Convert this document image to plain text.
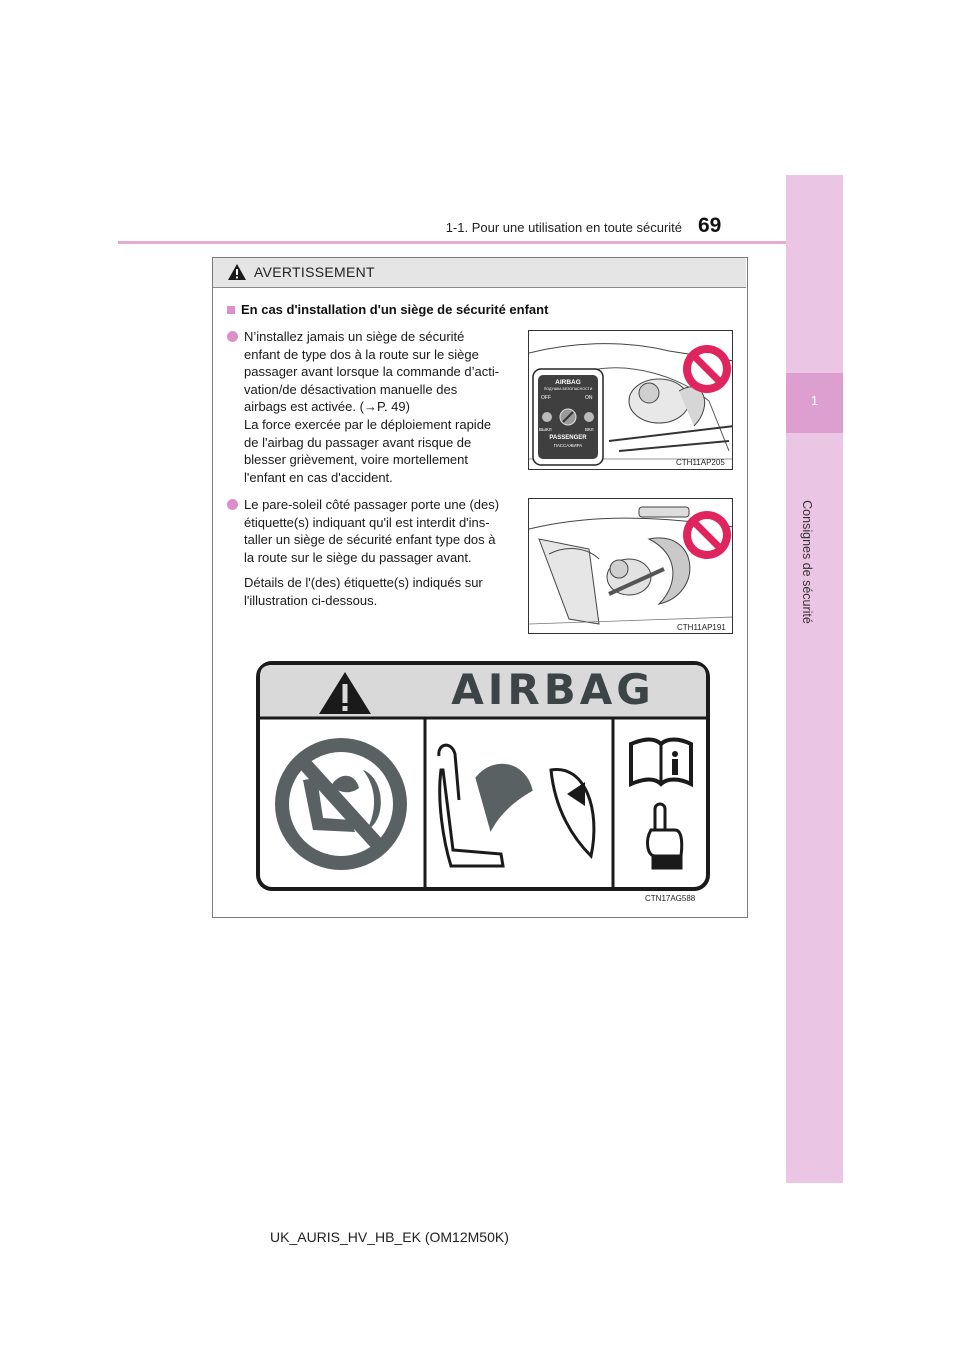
1-1. Pour une utilisation en toute sécurité 69
1
Consignes de sécurité
AVERTISSEMENT
En cas d'installation d'un siège de sécurité enfant
N’installez jamais un siège de sécurité
enfant de type dos à la route sur le siège
passager avant lorsque la commande d’acti-
vation/de désactivation manuelle des
airbags est activée. (→P. 49)
La force exercée par le déploiement rapide
de l'airbag du passager avant risque de
blesser grièvement, voire mortellement
l'enfant en cas d'accident.
Le pare-soleil côté passager porte une (des)
étiquette(s) indiquant qu'il est interdit d'ins-
taller un siège de sécurité enfant type dos à
la route sur le siège du passager avant.
Détails de l'(des) étiquette(s) indiqués sur
l'illustration ci-dessous.
AIRBAG
ПОДУШКА БЕЗОПАСНОСТИ
OFF	ON
ВЫКЛ	ВКЛ
PASSENGER
ПАССАЖИРА
CTH11AP205
CTH11AP191
AIRBAG
CTN17AG588
UK_AURIS_HV_HB_EK (OM12M50K)
